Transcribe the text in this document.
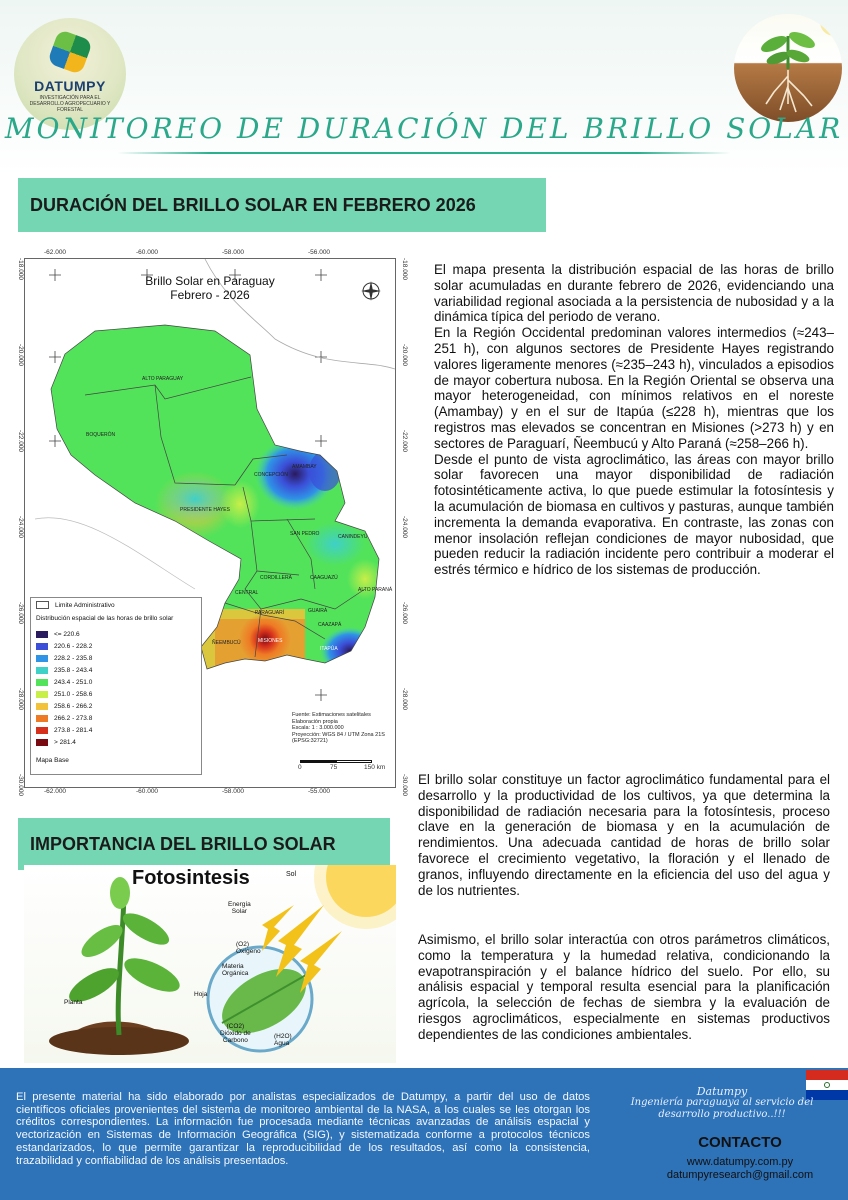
DATUMPY
INVESTIGACIÓN PARA EL DESARROLLO AGROPECUARIO Y FORESTAL
MONITOREO DE DURACIÓN DEL BRILLO SOLAR
DURACIÓN DEL BRILLO SOLAR EN FEBRERO 2026
-62.000	-60.000	-58.000	-56.000
-62.000	-60.000	-58.000	-55.000
-18.000
-20.000
-22.000
-24.000
-26.000
-28.000
-30.000
-18.000
-20.000
-22.000
-24.000
-26.000
-28.000
-30.000
Brillo Solar en Paraguay
Febrero - 2026
ALTO PARAGUAY
BOQUERÓN
PRESIDENTE HAYES
CONCEPCIÓN
AMAMBAY
SAN PEDRO	CANINDEYÚ
CORDILLERA	CAAGUAZÚ
ALTO PARANÁ
CENTRAL
PARAGUARÍ	GUAIRÁ
CAAZAPÁ
ÑEEMBUCÚ	MISIONES
ITAPÚA
Limite Administrativo
Distribución espacial de las horas de brillo solar
<= 220.6
220.6 - 228.2
228.2 - 235.8
235.8 - 243.4
243.4 - 251.0
251.0 - 258.6
258.6 - 266.2
266.2 - 273.8
273.8 - 281.4
> 281.4
Mapa Base
Fuente: Estimaciones satelitales
Elaboración propia
Escala: 1 : 3.000.000
Proyección: WGS 84 / UTM Zona 21S
(EPSG:32721)
0	75	150 km
El mapa presenta la distribución espacial de las horas de brillo solar acumuladas en durante febrero de 2026, evidenciando una variabilidad regional asociada a la persistencia de nubosidad y a la dinámica típica del periodo de verano.
En la Región Occidental predominan valores intermedios (≈243–251 h), con algunos sectores de Presidente Hayes registrando valores ligeramente menores (≈235–243 h), vinculados a episodios de mayor cobertura nubosa. En la Región Oriental se observa una mayor heterogeneidad, con mínimos relativos en el noreste (Amambay) y en el sur de Itapúa (≤228 h), mientras que los registros mas elevados se concentran en Misiones (>273 h) y en sectores de Paraguarí, Ñeembucú y Alto Paraná (≈258–266 h).
Desde el punto de vista agroclimático, las áreas con mayor brillo solar favorecen una mayor disponibilidad de radiación fotosintéticamente activa, lo que puede estimular la fotosíntesis y la acumulación de biomasa en cultivos y pasturas, aunque también incrementa la demanda evaporativa. En contraste, las zonas con menor insolación reflejan condiciones de mayor nubosidad, que pueden reducir la radiación incidente pero contribuir a moderar el estrés térmico e hídrico de los sistemas de producción.
IMPORTANCIA DEL BRILLO SOLAR
Fotosintesis	Sol
Energía
Solar
(O2)
Oxígeno
Materia
Orgánica
Hoja
Planta
(CO2)
Dióxido de
Carbono
(H2O)
Agua
El brillo solar constituye un factor agroclimático fundamental para el desarrollo y la productividad de los cultivos, ya que determina la disponibilidad de radiación necesaria para la fotosíntesis, proceso clave en la generación de biomasa y en la acumulación de rendimientos. Una adecuada cantidad de horas de brillo solar favorece el crecimiento vegetativo, la floración y el llenado de granos, influyendo directamente en la eficiencia del uso del agua y de los nutrientes.
Asimismo, el brillo solar interactúa con otros parámetros climáticos, como la temperatura y la humedad relativa, condicionando la evapotranspiración y el balance hídrico del suelo. Por ello, su análisis espacial y temporal resulta esencial para la planificación agrícola, la selección de fechas de siembra y la evaluación de riesgos agroclimáticos, especialmente en sistemas productivos dependientes de las condiciones ambientales.
El presente material ha sido elaborado por analistas especializados de Datumpy, a partir del uso de datos científicos oficiales provenientes del sistema de monitoreo ambiental de la NASA, a los cuales se les otorgan los créditos correspondientes. La información fue procesada mediante técnicas avanzadas de análisis espacial y vectorización en Sistemas de Información Geográfica (SIG), y sistematizada conforme a protocolos técnicos estandarizados, lo que permite garantizar la reproducibilidad de los resultados, así como la consistencia, trazabilidad y confiabilidad de los análisis presentados.
Datumpy
Ingeniería paraguaya al servicio del desarrollo productivo..!!!
CONTACTO
www.datumpy.com.py
datumpyresearch@gmail.com
